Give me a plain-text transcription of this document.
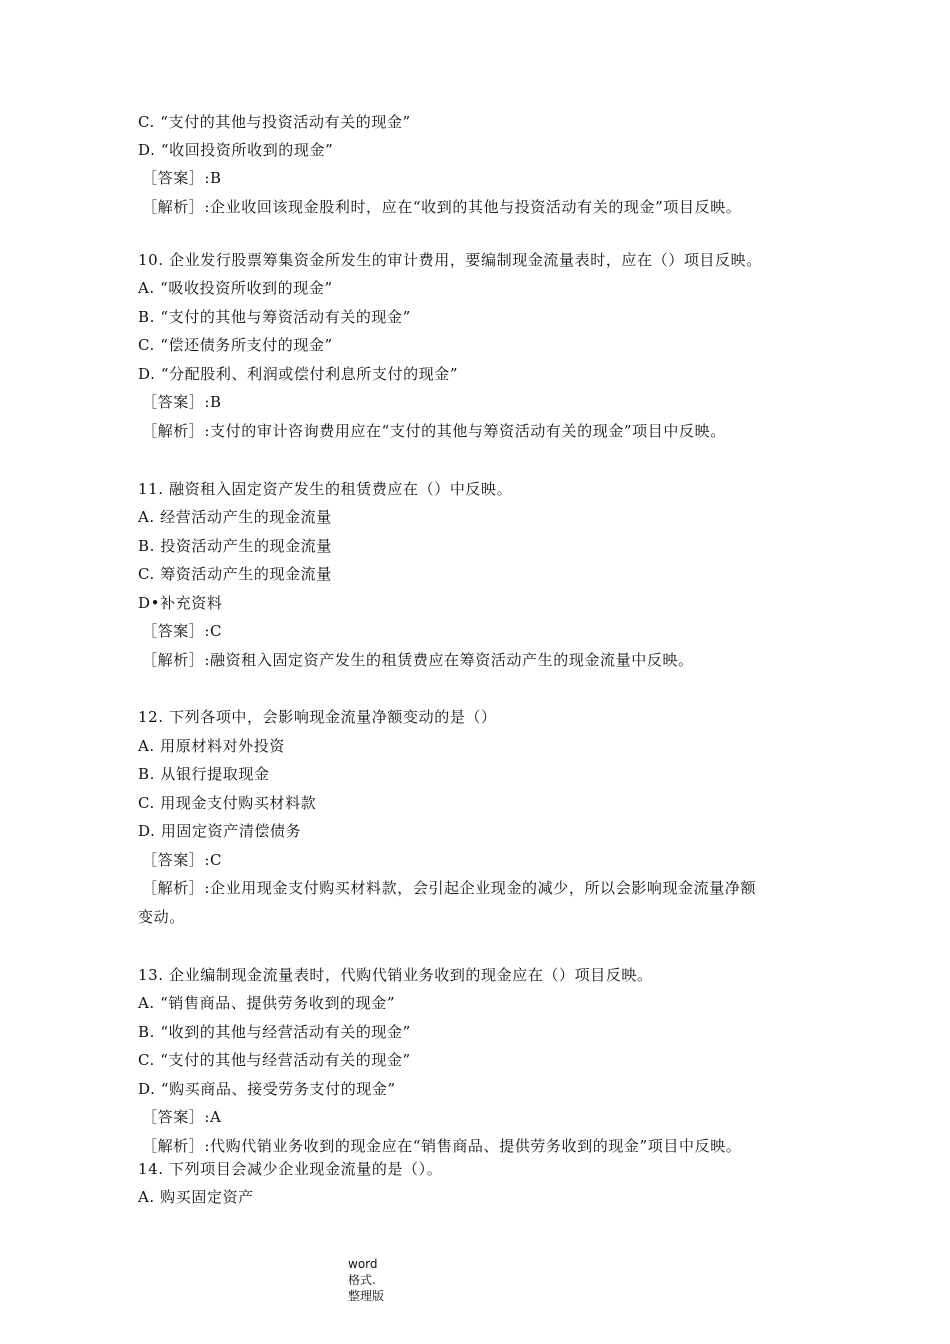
C. “支付的其他与投资活动有关的现金”
D. “收回投资所收到的现金”
［答案］:B
［解析］:企业收回该现金股利时，应在“收到的其他与投资活动有关的现金”项目反映。
10. 企业发行股票筹集资金所发生的审计费用，要编制现金流量表时，应在（）项目反映。
A. “吸收投资所收到的现金”
B. “支付的其他与筹资活动有关的现金”
C. “偿还债务所支付的现金”
D. “分配股利、利润或偿付利息所支付的现金”
［答案］:B
［解析］:支付的审计咨询费用应在“支付的其他与筹资活动有关的现金”项目中反映。
11. 融资租入固定资产发生的租赁费应在（）中反映。
A. 经营活动产生的现金流量
B. 投资活动产生的现金流量
C. 筹资活动产生的现金流量
D•补充资料
［答案］:C
［解析］:融资租入固定资产发生的租赁费应在筹资活动产生的现金流量中反映。
12. 下列各项中，会影响现金流量净额变动的是（）
A. 用原材料对外投资
B. 从银行提取现金
C. 用现金支付购买材料款
D. 用固定资产清偿债务
［答案］:C
［解析］:企业用现金支付购买材料款，会引起企业现金的减少，所以会影响现金流量净额
变动。
13. 企业编制现金流量表时，代购代销业务收到的现金应在（）项目反映。
A. “销售商品、提供劳务收到的现金”
B. “收到的其他与经营活动有关的现金”
C. “支付的其他与经营活动有关的现金”
D. “购买商品、接受劳务支付的现金”
［答案］:A
［解析］:代购代销业务收到的现金应在“销售商品、提供劳务收到的现金”项目中反映。
14. 下列项目会减少企业现金流量的是（）。
A. 购买固定资产
word
格式.
整理版
